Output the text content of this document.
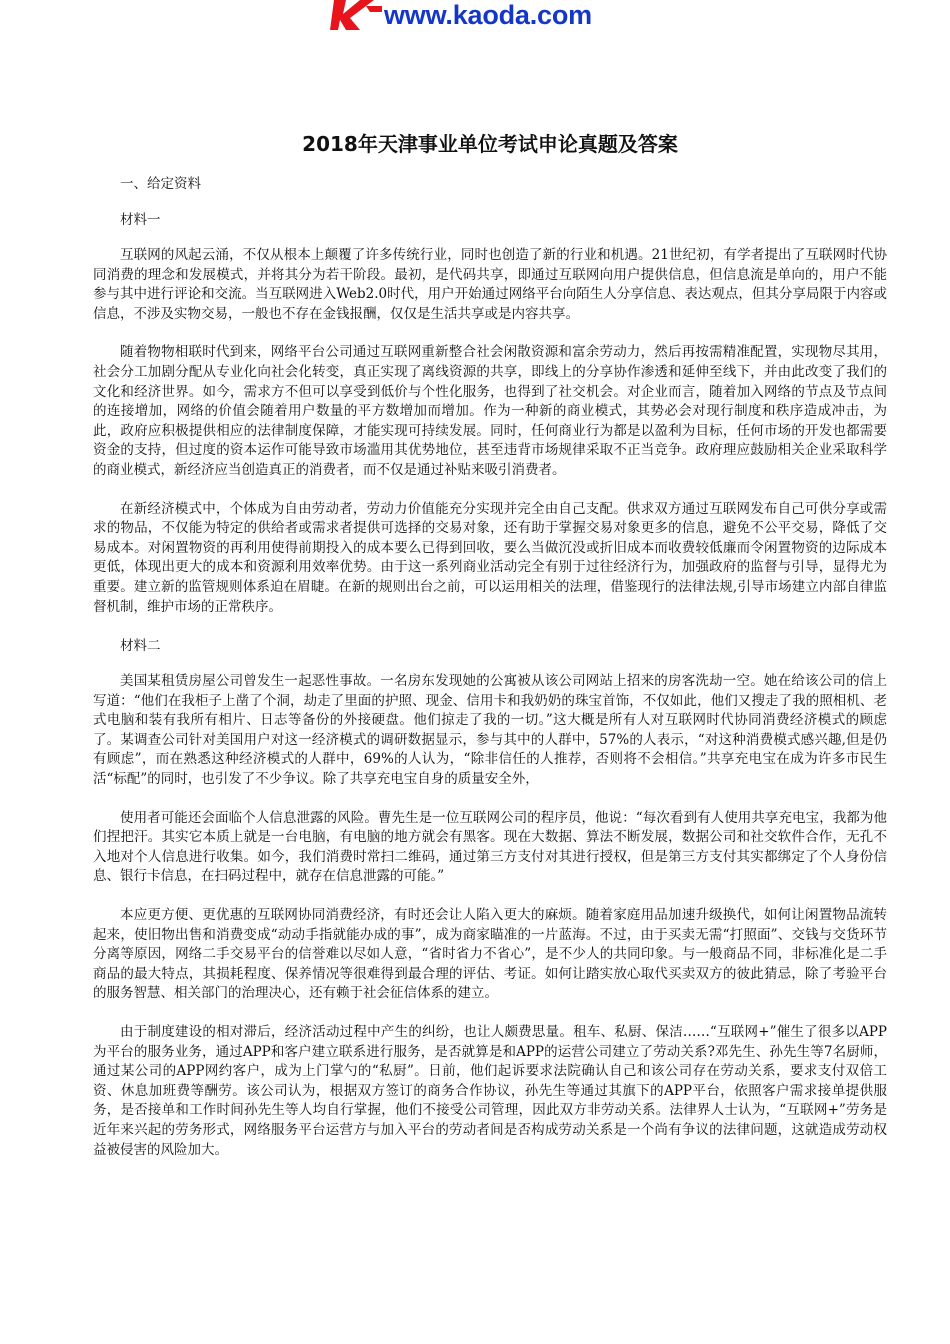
www.kaoda.com
2018年天津事业单位考试申论真题及答案
一、给定资料
材料一
互联网的风起云涌，不仅从根本上颠覆了许多传统行业，同时也创造了新的行业和机遇。21世纪初，有学者提出了互联网时代协同消费的理念和发展模式，并将其分为若干阶段。最初，是代码共享，即通过互联网向用户提供信息，但信息流是单向的，用户不能参与其中进行评论和交流。当互联网进入Web2.0时代，用户开始通过网络平台向陌生人分享信息、表达观点，但其分享局限于内容或信息，不涉及实物交易，一般也不存在金钱报酬，仅仅是生活共享或是内容共享。
随着物物相联时代到来，网络平台公司通过互联网重新整合社会闲散资源和富余劳动力，然后再按需精准配置，实现物尽其用，社会分工加剧分配从专业化向社会化转变，真正实现了离线资源的共享，即线上的分享协作渗透和延伸至线下，并由此改变了我们的文化和经济世界。如今，需求方不但可以享受到低价与个性化服务，也得到了社交机会。对企业而言，随着加入网络的节点及节点间的连接增加，网络的价值会随着用户数量的平方数增加而增加。作为一种新的商业模式，其势必会对现行制度和秩序造成冲击，为此，政府应积极提供相应的法律制度保障，才能实现可持续发展。同时，任何商业行为都是以盈利为目标，任何市场的开发也都需要资金的支持，但过度的资本运作可能导致市场滥用其优势地位，甚至违背市场规律采取不正当竞争。政府理应鼓励相关企业采取科学的商业模式，新经济应当创造真正的消费者，而不仅是通过补贴来吸引消费者。
在新经济模式中，个体成为自由劳动者，劳动力价值能充分实现并完全由自己支配。供求双方通过互联网发布自己可供分享或需求的物品，不仅能为特定的供给者或需求者提供可选择的交易对象，还有助于掌握交易对象更多的信息，避免不公平交易，降低了交易成本。对闲置物资的再利用使得前期投入的成本要么已得到回收，要么当做沉没或折旧成本而收费较低廉而令闲置物资的边际成本更低，体现出更大的成本和资源利用效率优势。由于这一系列商业活动完全有别于过往经济行为，加强政府的监督与引导，显得尤为重要。建立新的监管规则体系迫在眉睫。在新的规则出台之前，可以运用相关的法理，借鉴现行的法律法规,引导市场建立内部自律监督机制，维护市场的正常秩序。
材料二
美国某租赁房屋公司曾发生一起恶性事故。一名房东发现她的公寓被从该公司网站上招来的房客洗劫一空。她在给该公司的信上写道：“他们在我柜子上凿了个洞，劫走了里面的护照、现金、信用卡和我奶奶的珠宝首饰，不仅如此，他们又搜走了我的照相机、老式电脑和装有我所有相片、日志等备份的外接硬盘。他们掠走了我的一切。”这大概是所有人对互联网时代协同消费经济模式的顾虑了。某调查公司针对美国用户对这一经济模式的调研数据显示，参与其中的人群中，57%的人表示，“对这种消费模式感兴趣,但是仍有顾虑”，而在熟悉这种经济模式的人群中，69%的人认为，“除非信任的人推荐，否则将不会相信。”共享充电宝在成为许多市民生活“标配”的同时，也引发了不少争议。除了共享充电宝自身的质量安全外，
使用者可能还会面临个人信息泄露的风险。曹先生是一位互联网公司的程序员，他说：“每次看到有人使用共享充电宝，我都为他们捏把汗。其实它本质上就是一台电脑，有电脑的地方就会有黑客。现在大数据、算法不断发展，数据公司和社交软件合作，无孔不入地对个人信息进行收集。如今，我们消费时常扫二维码，通过第三方支付对其进行授权，但是第三方支付其实都绑定了个人身份信息、银行卡信息，在扫码过程中，就存在信息泄露的可能。”
本应更方便、更优惠的互联网协同消费经济，有时还会让人陷入更大的麻烦。随着家庭用品加速升级换代，如何让闲置物品流转起来，使旧物出售和消费变成“动动手指就能办成的事”，成为商家瞄准的一片蓝海。不过，由于买卖无需“打照面”、交钱与交货环节分离等原因，网络二手交易平台的信誉难以尽如人意，“省时省力不省心”，是不少人的共同印象。与一般商品不同，非标准化是二手商品的最大特点，其损耗程度、保养情况等很难得到最合理的评估、考证。如何让踏实放心取代买卖双方的彼此猜忌，除了考验平台的服务智慧、相关部门的治理决心，还有赖于社会征信体系的建立。
由于制度建设的相对滞后，经济活动过程中产生的纠纷，也让人颇费思量。租车、私厨、保洁……“互联网+”催生了很多以APP为平台的服务业务，通过APP和客户建立联系进行服务，是否就算是和APP的运营公司建立了劳动关系?邓先生、孙先生等7名厨师，通过某公司的APP网约客户，成为上门掌勺的“私厨”。日前，他们起诉要求法院确认自己和该公司存在劳动关系，要求支付双倍工资、休息加班费等酬劳。该公司认为，根据双方签订的商务合作协议，孙先生等通过其旗下的APP平台，依照客户需求接单提供服务，是否接单和工作时间孙先生等人均自行掌握，他们不接受公司管理，因此双方非劳动关系。法律界人士认为，“互联网+”劳务是近年来兴起的劳务形式，网络服务平台运营方与加入平台的劳动者间是否构成劳动关系是一个尚有争议的法律问题，这就造成劳动权益被侵害的风险加大。
